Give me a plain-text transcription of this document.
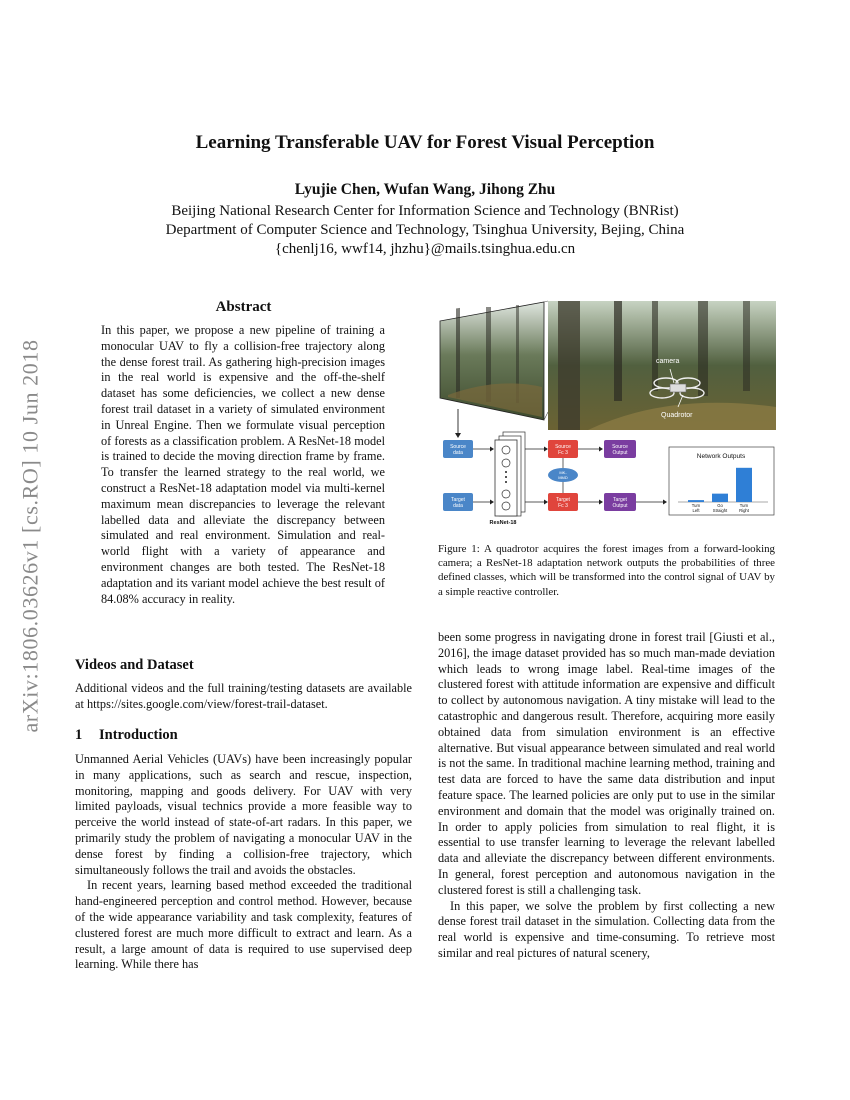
arXiv:1806.03626v1 [cs.RO] 10 Jun 2018
Learning Transferable UAV for Forest Visual Perception
Lyujie Chen, Wufan Wang, Jihong Zhu
Beijing National Research Center for Information Science and Technology (BNRist)
Department of Computer Science and Technology, Tsinghua University, Bejing, China
{chenlj16, wwf14, jhzhu}@mails.tsinghua.edu.cn
Abstract
In this paper, we propose a new pipeline of training a monocular UAV to fly a collision-free trajectory along the dense forest trail. As gathering high-precision images in the real world is expensive and the off-the-shelf dataset has some deficiencies, we collect a new dense forest trail dataset in a variety of simulated environment in Unreal Engine. Then we formulate visual perception of forests as a classification problem. A ResNet-18 model is trained to decide the moving direction frame by frame. To transfer the learned strategy to the real world, we construct a ResNet-18 adaptation model via multi-kernel maximum mean discrepancies to leverage the relevant labelled data and alleviate the discrepancy between simulated and real environment. Simulation and real-world flight with a variety of appearance and environment changes are both tested. The ResNet-18 adaptation and its variant model achieve the best result of 84.08% accuracy in reality.
Videos and Dataset
Additional videos and the full training/testing datasets are available at https://sites.google.com/view/forest-trail-dataset.
1 Introduction

Unmanned Aerial Vehicles (UAVs) have been increasingly popular in many applications, such as search and rescue, inspection, monitoring, mapping and goods delivery. For UAV with very limited payloads, visual technics provide a more feasible way to perceive the world instead of state-of-art radars. In this paper, we primarily study the problem of navigating a monocular UAV in the dense forest by finding a collision-free trajectory, which simultaneously follows the trail and avoids the obstacles.

In recent years, learning based method exceeded the traditional hand-engineered perception and control method. However, because of the wide appearance variability and task complexity, features of clustered forest are much more difficult to extract and learn. As a result, a large amount of data is required to use supervised deep learning. While there has

been some progress in navigating drone in forest trail [Giusti et al., 2016], the image dataset provided has so much man-made deviation which leads to wrong image label. Real-time images of the clustered forest with attitude information are expensive and difficult to collect by autonomous navigation. A tiny mistake will lead to the catastrophic and dangerous result. Therefore, acquiring more easily obtained data from simulation environment is an effective alternative. But visual appearance between simulated and real world is not the same. In traditional machine learning method, training and test data are forced to have the same data distribution and input feature space. The learned policies are only put to use in the similar environment and domain that the model was originally trained on. In order to apply policies from simulation to real flight, it is essential to use transfer learning to leverage the relevant labelled data and alleviate the discrepancy between different environments. In general, forest perception and autonomous navigation in the clustered forest is still a challenging task.

In this paper, we solve the problem by first collecting a new dense forest trail dataset in the simulation. Collecting data from the real world is expensive and time-consuming. To retrieve most similar and real pictures of natural scenery,

camera
Quadrotor
Source
data
Target
data
ResNet-18
Source
Fc 3
Target
Fc 3
MK-
MMD
Source
Output
Target
Output
Network Outputs
Turn Left
Go Straight
Turn Right
Figure 1: A quadrotor acquires the forest images from a forward-looking camera; a ResNet-18 adaptation network outputs the probabilities of three defined classes, which will be transformed into the control signal of UAV by a simple reactive controller.
